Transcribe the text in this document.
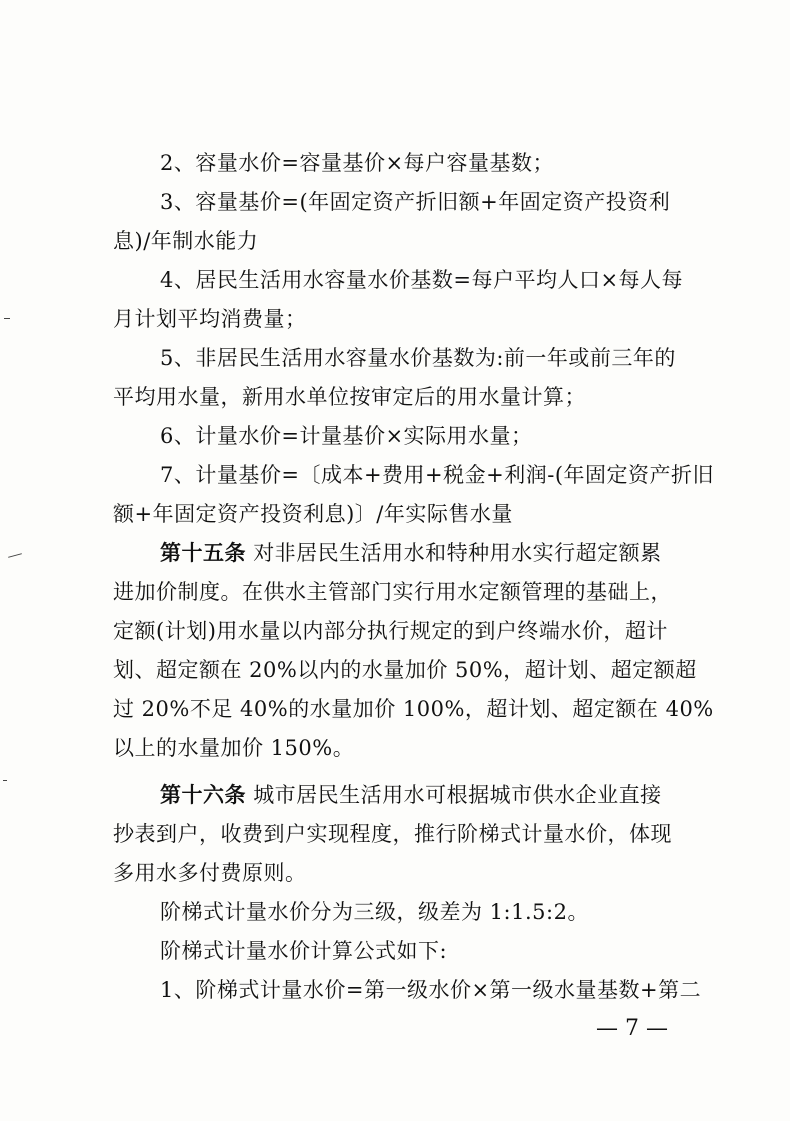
2、容量水价=容量基价×每户容量基数；
3、容量基价=(年固定资产折旧额+年固定资产投资利
息)/年制水能力
4、居民生活用水容量水价基数=每户平均人口×每人每
月计划平均消费量；
5、非居民生活用水容量水价基数为:前一年或前三年的
平均用水量，新用水单位按审定后的用水量计算；
6、计量水价=计量基价×实际用水量；
7、计量基价=〔成本+费用+税金+利润-(年固定资产折旧
额+年固定资产投资利息)〕/年实际售水量
第十五条 对非居民生活用水和特种用水实行超定额累
进加价制度。在供水主管部门实行用水定额管理的基础上，
定额(计划)用水量以内部分执行规定的到户终端水价，超计
划、超定额在 20%以内的水量加价 50%，超计划、超定额超
过 20%不足 40%的水量加价 100%，超计划、超定额在 40%
以上的水量加价 150%。
第十六条 城市居民生活用水可根据城市供水企业直接
抄表到户，收费到户实现程度，推行阶梯式计量水价，体现
多用水多付费原则。
阶梯式计量水价分为三级，级差为 1:1.5:2。
阶梯式计量水价计算公式如下:
1、阶梯式计量水价=第一级水价×第一级水量基数+第二
— 7 —
